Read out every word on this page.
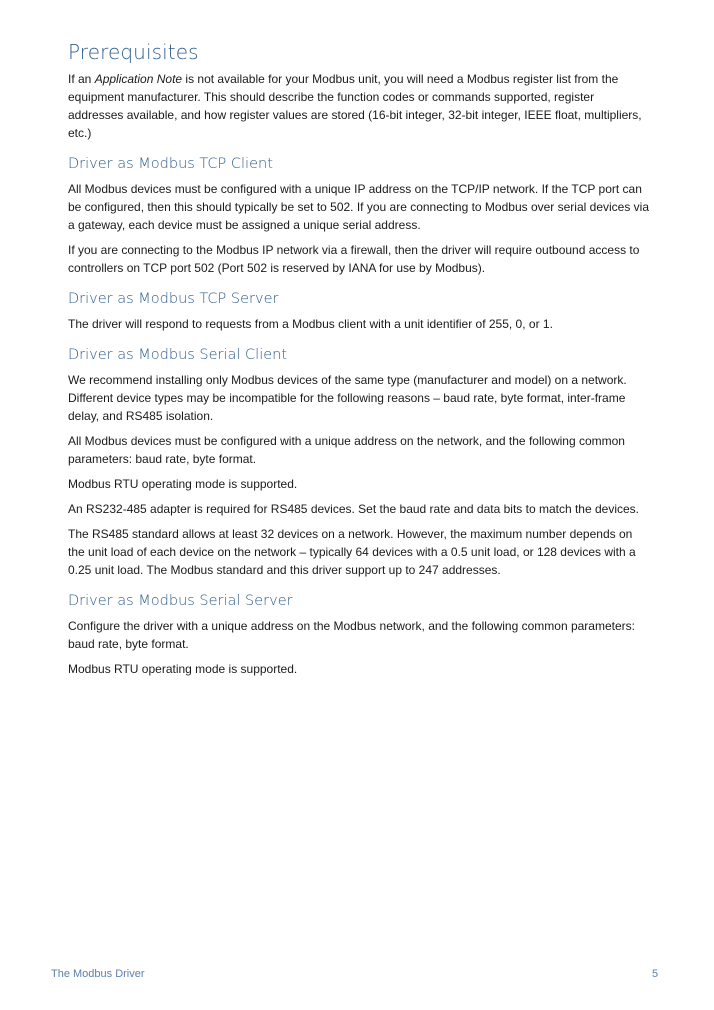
Prerequisites

If an Application Note is not available for your Modbus unit, you will need a Modbus register list from the equipment manufacturer. This should describe the function codes or commands supported, register addresses available, and how register values are stored (16-bit integer, 32-bit integer, IEEE float, multipliers, etc.)

Driver as Modbus TCP Client

All Modbus devices must be configured with a unique IP address on the TCP/IP network. If the TCP port can be configured, then this should typically be set to 502. If you are connecting to Modbus over serial devices via a gateway, each device must be assigned a unique serial address.

If you are connecting to the Modbus IP network via a firewall, then the driver will require outbound access to controllers on TCP port 502 (Port 502 is reserved by IANA for use by Modbus).

Driver as Modbus TCP Server

The driver will respond to requests from a Modbus client with a unit identifier of 255, 0, or 1.

Driver as Modbus Serial Client

We recommend installing only Modbus devices of the same type (manufacturer and model) on a network. Different device types may be incompatible for the following reasons – baud rate, byte format, inter-frame delay, and RS485 isolation.

All Modbus devices must be configured with a unique address on the network, and the following common parameters: baud rate, byte format.

Modbus RTU operating mode is supported.

An RS232-485 adapter is required for RS485 devices. Set the baud rate and data bits to match the devices.

The RS485 standard allows at least 32 devices on a network. However, the maximum number depends on the unit load of each device on the network – typically 64 devices with a 0.5 unit load, or 128 devices with a 0.25 unit load. The Modbus standard and this driver support up to 247 addresses.

Driver as Modbus Serial Server

Configure the driver with a unique address on the Modbus network, and the following common parameters: baud rate, byte format.

Modbus RTU operating mode is supported.

The Modbus Driver	5
